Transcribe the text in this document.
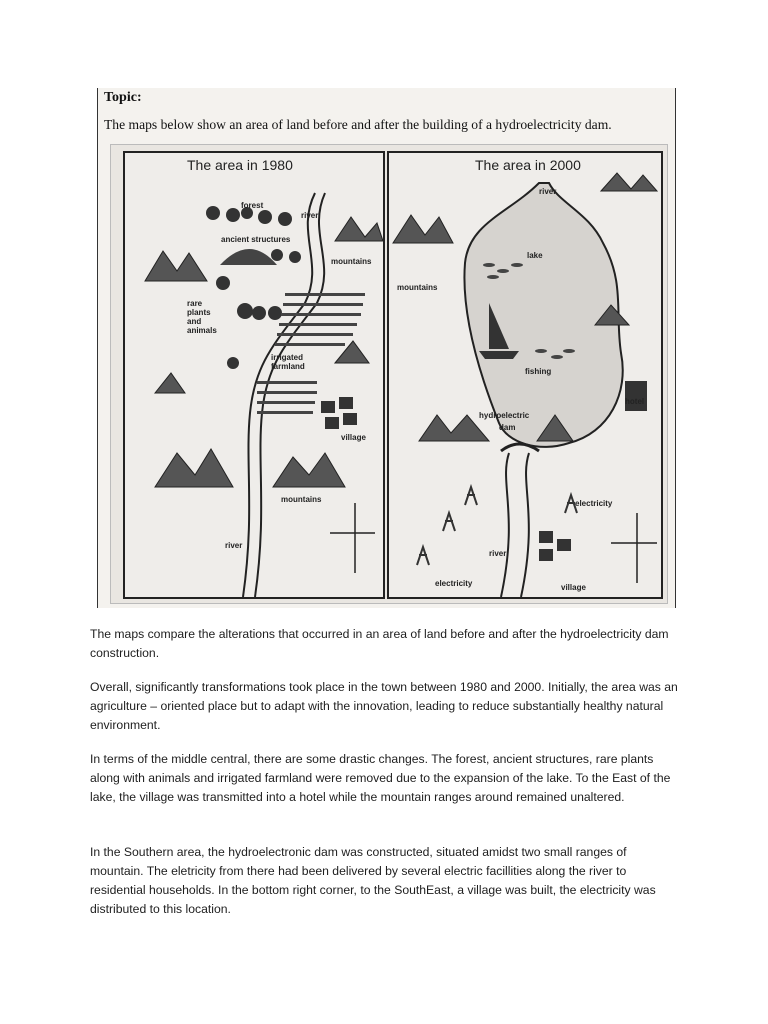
Topic:
The maps below show an area of land before and after the building of a hydroelectricity dam.
The area in 1980
forest
river
ancient structures
mountains
rare
plants
and
animals
irrigated
farmland
village
mountains
river
The area in 2000
river
lake
mountains
fishing
hotel
hydroelectric
dam
electricity
river
electricity	village
The maps compare the alterations that occurred in an area of land before and after the hydroelectricity dam construction.
Overall, significantly transformations took place in the town between 1980 and 2000. Initially, the area was an agriculture – oriented place but to adapt with the innovation, leading to reduce substantially healthy natural environment.
In terms of the middle central, there are some drastic changes. The forest, ancient structures, rare plants along with animals and irrigated farmland were removed due to the expansion of the lake. To the East of the lake, the village was transmitted into a hotel while the mountain ranges around remained unaltered.
In the Southern area, the hydroelectronic dam was constructed, situated amidst two small ranges of mountain. The eletricity from there had been delivered by several electric facillities along the river to residential households. In the bottom right corner, to the SouthEast, a village was built, the electricity was distributed to this location.
